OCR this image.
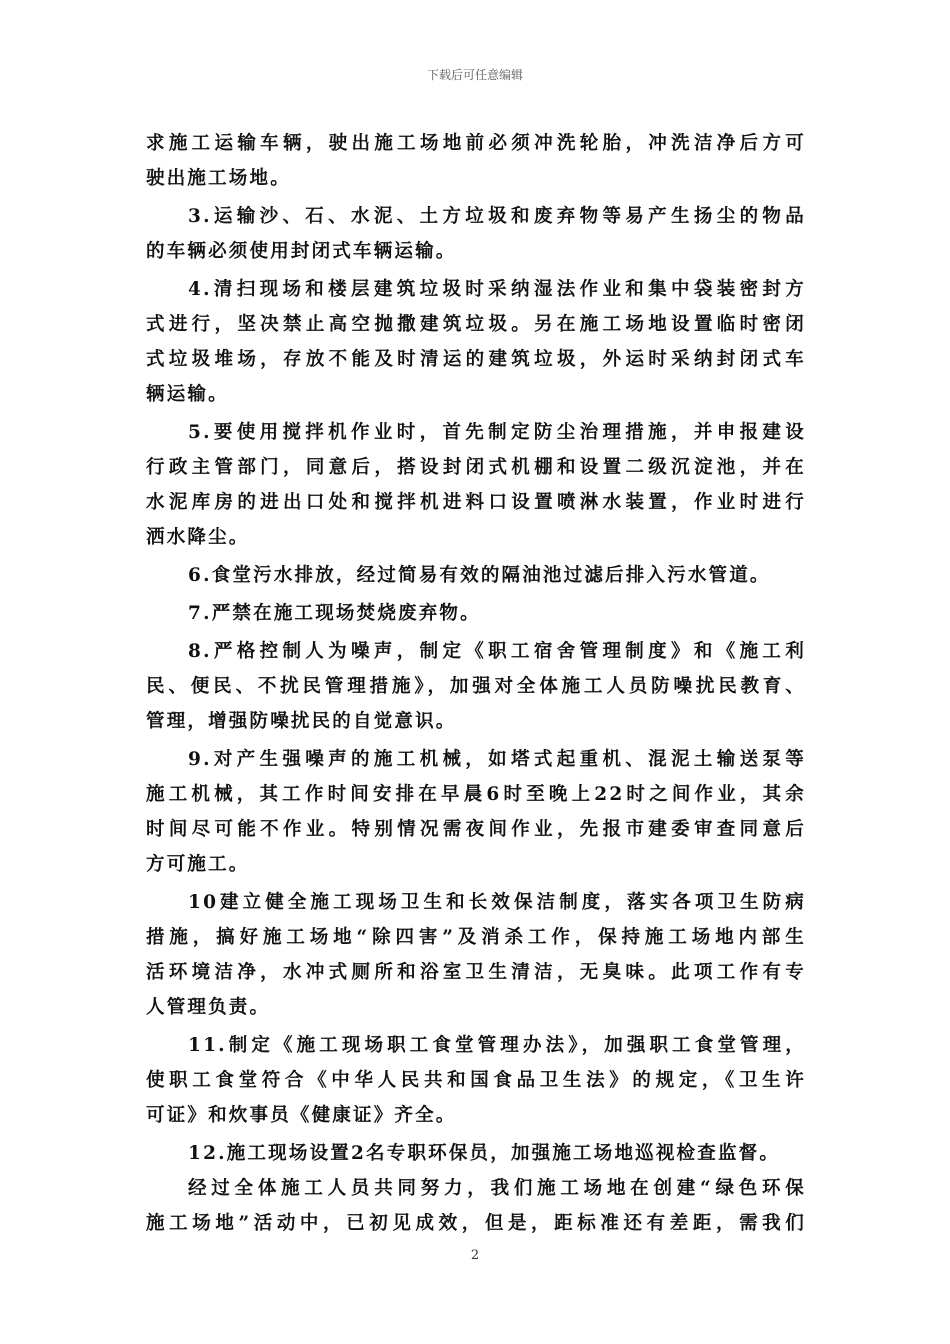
下载后可任意编辑
求施工运输车辆，驶出施工场地前必须冲洗轮胎，冲洗洁净后方可
驶出施工场地。
3.运输沙、石、水泥、土方垃圾和废弃物等易产生扬尘的物品
的车辆必须使用封闭式车辆运输。
4.清扫现场和楼层建筑垃圾时采纳湿法作业和集中袋装密封方
式进行，坚决禁止高空抛撒建筑垃圾。另在施工场地设置临时密闭
式垃圾堆场，存放不能及时清运的建筑垃圾，外运时采纳封闭式车
辆运输。
5.要使用搅拌机作业时，首先制定防尘治理措施，并申报建设
行政主管部门，同意后，搭设封闭式机棚和设置二级沉淀池，并在
水泥库房的进出口处和搅拌机进料口设置喷淋水装置，作业时进行
洒水降尘。
6.食堂污水排放，经过简易有效的隔油池过滤后排入污水管道。
7.严禁在施工现场焚烧废弃物。
8.严格控制人为噪声，制定《职工宿舍管理制度》和《施工利
民、便民、不扰民管理措施》，加强对全体施工人员防噪扰民教育、
管理，增强防噪扰民的自觉意识。
9.对产生强噪声的施工机械，如塔式起重机、混泥土输送泵等
施工机械，其工作时间安排在早晨6时至晚上22时之间作业，其余
时间尽可能不作业。特别情况需夜间作业，先报市建委审查同意后
方可施工。
10建立健全施工现场卫生和长效保洁制度，落实各项卫生防病
措施，搞好施工场地“除四害”及消杀工作，保持施工场地内部生
活环境洁净，水冲式厕所和浴室卫生清洁，无臭味。此项工作有专
人管理负责。
11.制定《施工现场职工食堂管理办法》，加强职工食堂管理，
使职工食堂符合《中华人民共和国食品卫生法》的规定，《卫生许
可证》和炊事员《健康证》齐全。
12.施工现场设置2名专职环保员，加强施工场地巡视检查监督。
经过全体施工人员共同努力，我们施工场地在创建“绿色环保
施工场地”活动中，已初见成效，但是，距标准还有差距，需我们
2
